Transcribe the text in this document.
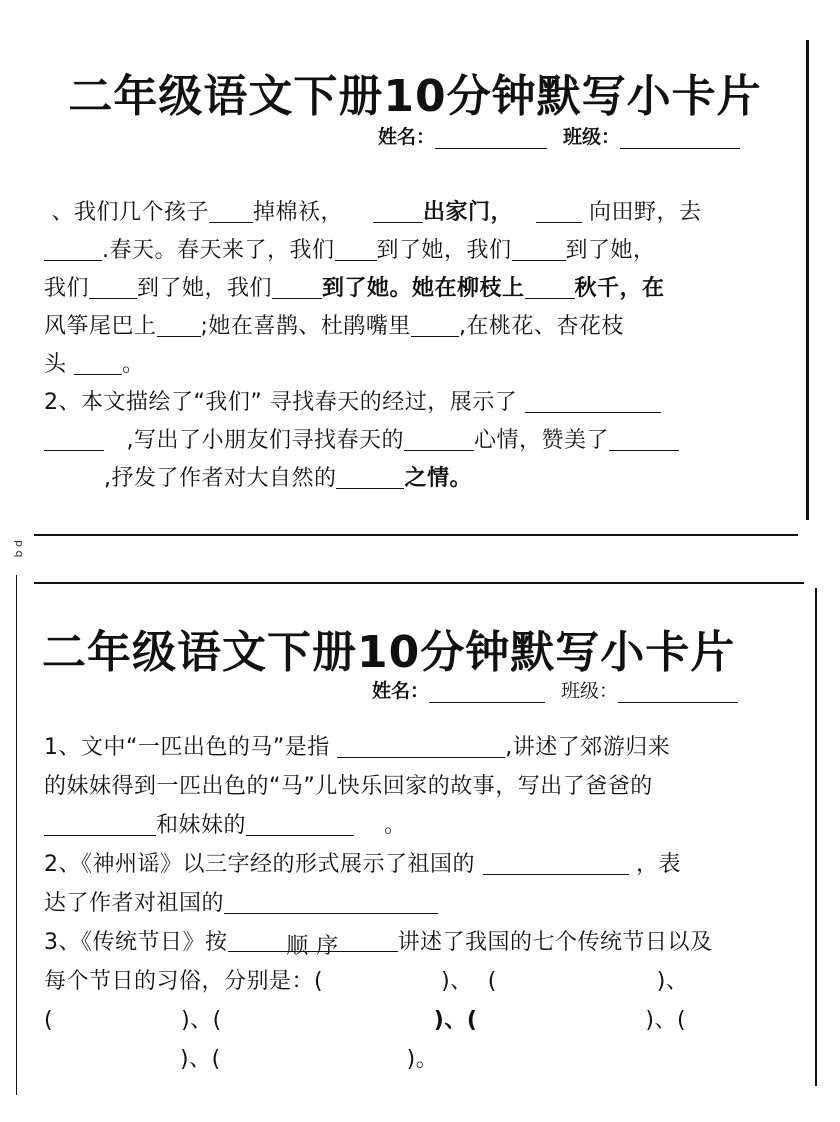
二年级语文下册10分钟默写小卡片
姓名：	班级：
、我们几个孩子 掉棉袄，	出家门，	向田野，去
.春天。春天来了，我们 到了她，我们 到了她，
我们 到了她，我们 到了她。她在柳枝上 秋千，在
风筝尾巴上 ;她在喜鹊、杜鹃嘴里 ,在桃花、杏花枝
头	。
2、本文描绘了“我们” 寻找春天的经过，展示了
,写出了小朋友们寻找春天的	心情，赞美了
,抒发了作者对大自然的	之情。
b d
二年级语文下册10分钟默写小卡片
姓名：	班级：
1、文中“一匹出色的马”是指	,讲述了郊游归来
的妹妹得到一匹出色的“马”儿快乐回家的故事，写出了爸爸的
和妹妹的	。
2、《神州谣》以三字经的形式展示了祖国的	，表
达了作者对祖国的
3、《传统节日》按	顺 序	讲述了我国的七个传统节日以及
每个节日的习俗，分别是：(	)、 (	)、
(	)、(	)、(	)、(
)、(	)。
